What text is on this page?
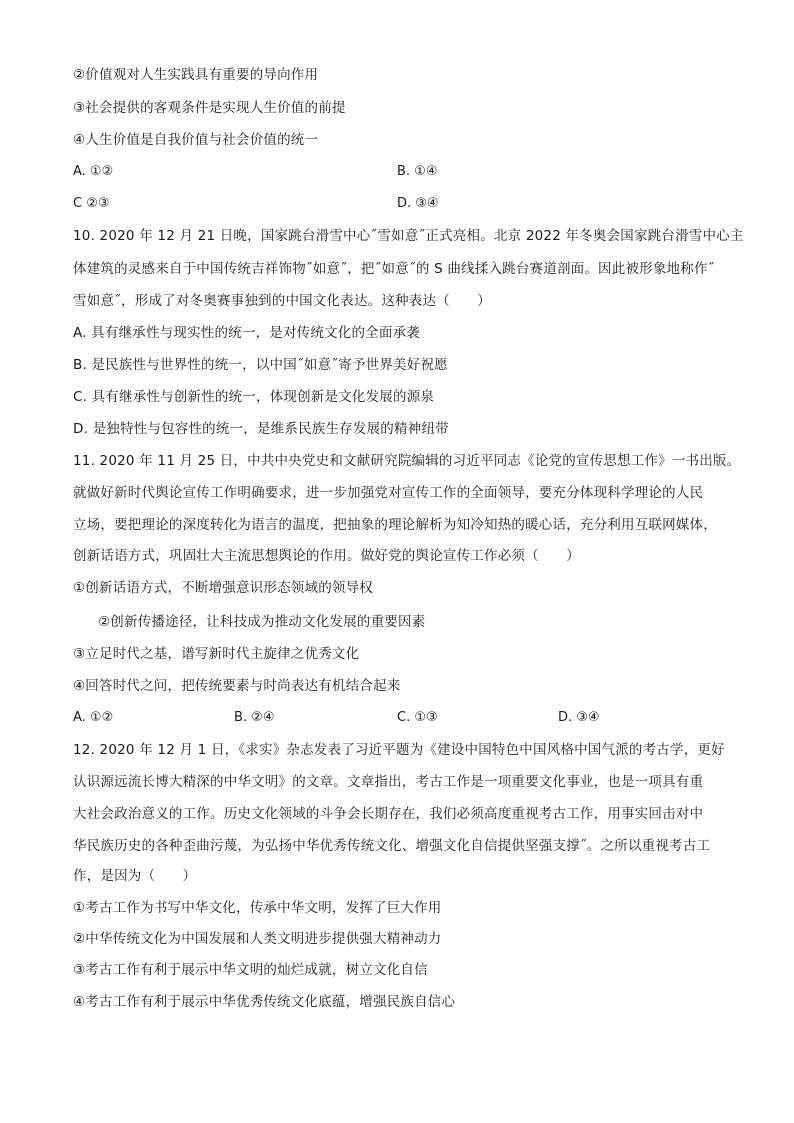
②价值观对人生实践具有重要的导向作用
③社会提供的客观条件是实现人生价值的前提
④人生价值是自我价值与社会价值的统一
A. ①②	B. ①④
C ②③	D. ③④
10. 2020 年 12 月 21 日晚，国家跳台滑雪中心˝雪如意˝正式亮相。北京 2022 年冬奥会国家跳台滑雪中心主
体建筑的灵感来自于中国传统吉祥饰物˝如意˝，把˝如意˝的 S 曲线揉入跳台赛道剖面。因此被形象地称作˝
雪如意˝，形成了对冬奥赛事独到的中国文化表达。这种表达（　　）
A. 具有继承性与现实性的统一，是对传统文化的全面承袭
B. 是民族性与世界性的统一，以中国˝如意˝寄予世界美好祝愿
C. 具有继承性与创新性的统一，体现创新是文化发展的源泉
D. 是独特性与包容性的统一，是维系民族生存发展的精神纽带
11. 2020 年 11 月 25 日，中共中央党史和文献研究院编辑的习近平同志《论党的宣传思想工作》一书出版。
就做好新时代舆论宣传工作明确要求，进一步加强党对宣传工作的全面领导，要充分体现科学理论的人民
立场，要把理论的深度转化为语言的温度，把抽象的理论解析为知冷知热的暖心话，充分利用互联网媒体，
创新话语方式，巩固壮大主流思想舆论的作用。做好党的舆论宣传工作必须（　　）
①创新话语方式，不断增强意识形态领域的领导权
②创新传播途径，让科技成为推动文化发展的重要因素
③立足时代之基，谱写新时代主旋律之优秀文化
④回答时代之问，把传统要素与时尚表达有机结合起来
A. ①②	B. ②④	C. ①③	D. ③④
12. 2020 年 12 月 1 日，《求实》杂志发表了习近平题为《建设中国特色中国风格中国气派的考古学，更好
认识源远流长博大精深的中华文明》的文章。文章指出，考古工作是一项重要文化事业，也是一项具有重
大社会政治意义的工作。历史文化领域的斗争会长期存在，我们必须高度重视考古工作，用事实回击对中
华民族历史的各种歪曲污蔑，为弘扬中华优秀传统文化、增强文化自信提供坚强支撑˝。之所以重视考古工
作，是因为（　　）
①考古工作为书写中华文化，传承中华文明，发挥了巨大作用
②中华传统文化为中国发展和人类文明进步提供强大精神动力
③考古工作有利于展示中华文明的灿烂成就，树立文化自信
④考古工作有利于展示中华优秀传统文化底蕴，增强民族自信心
